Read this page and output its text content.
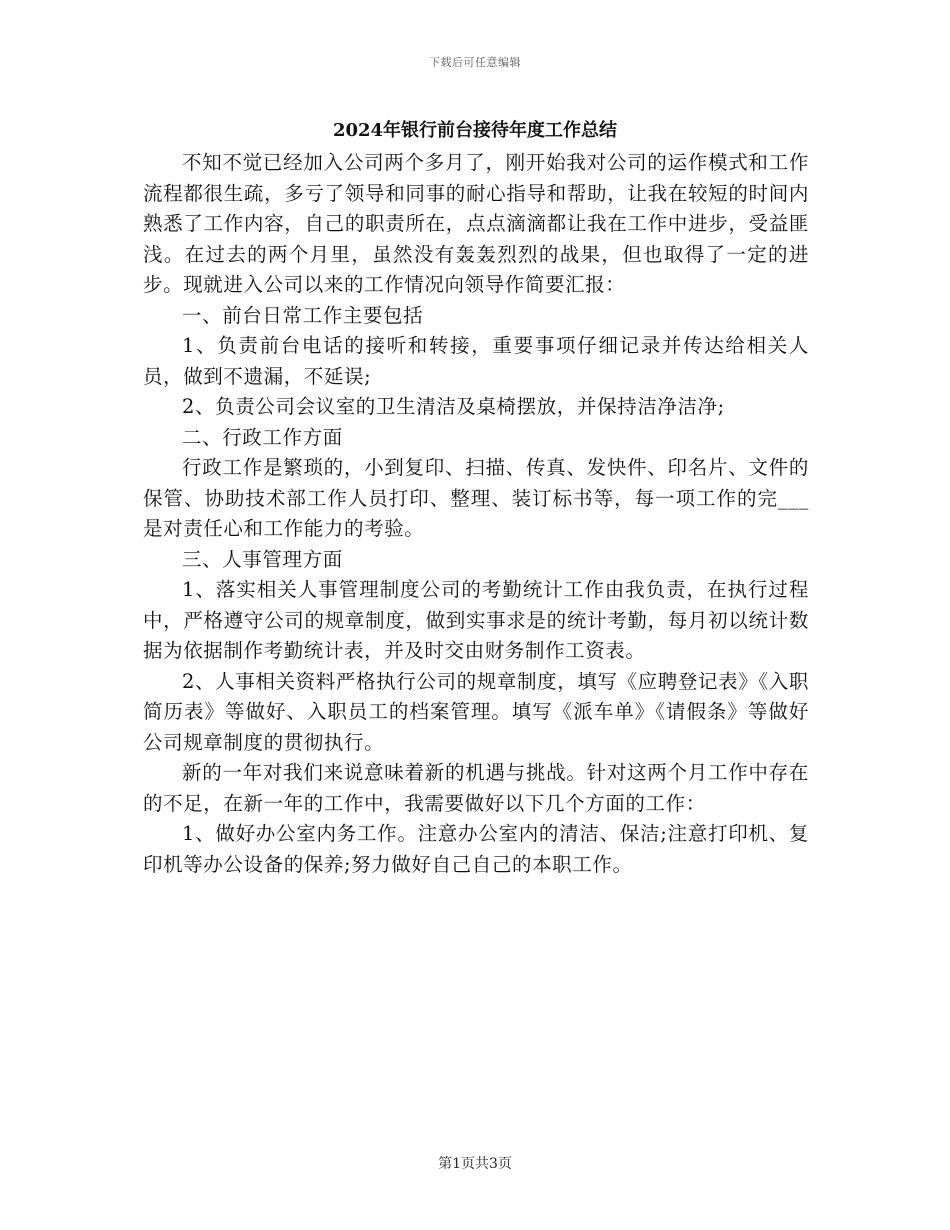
下载后可任意编辑
2024年银行前台接待年度工作总结

不知不觉已经加入公司两个多月了，刚开始我对公司的运作模式和工作流程都很生疏，多亏了领导和同事的耐心指导和帮助，让我在较短的时间内熟悉了工作内容，自己的职责所在，点点滴滴都让我在工作中进步，受益匪浅。在过去的两个月里，虽然没有轰轰烈烈的战果，但也取得了一定的进步。现就进入公司以来的工作情况向领导作简要汇报：

一、前台日常工作主要包括

1、负责前台电话的接听和转接，重要事项仔细记录并传达给相关人员，做到不遗漏，不延误;

2、负责公司会议室的卫生清洁及桌椅摆放，并保持洁净洁净;

二、行政工作方面

行政工作是繁琐的，小到复印、扫描、传真、发快件、印名片、文件的保管、协助技术部工作人员打印、整理、装订标书等，每一项工作的完___是对责任心和工作能力的考验。

三、人事管理方面

1、落实相关人事管理制度公司的考勤统计工作由我负责，在执行过程中，严格遵守公司的规章制度，做到实事求是的统计考勤，每月初以统计数据为依据制作考勤统计表，并及时交由财务制作工资表。

2、人事相关资料严格执行公司的规章制度，填写《应聘登记表》《入职简历表》等做好、入职员工的档案管理。填写《派车单》《请假条》等做好公司规章制度的贯彻执行。

新的一年对我们来说意味着新的机遇与挑战。针对这两个月工作中存在的不足，在新一年的工作中，我需要做好以下几个方面的工作：

1、做好办公室内务工作。注意办公室内的清洁、保洁;注意打印机、复印机等办公设备的保养;努力做好自己自己的本职工作。

第1页共3页
